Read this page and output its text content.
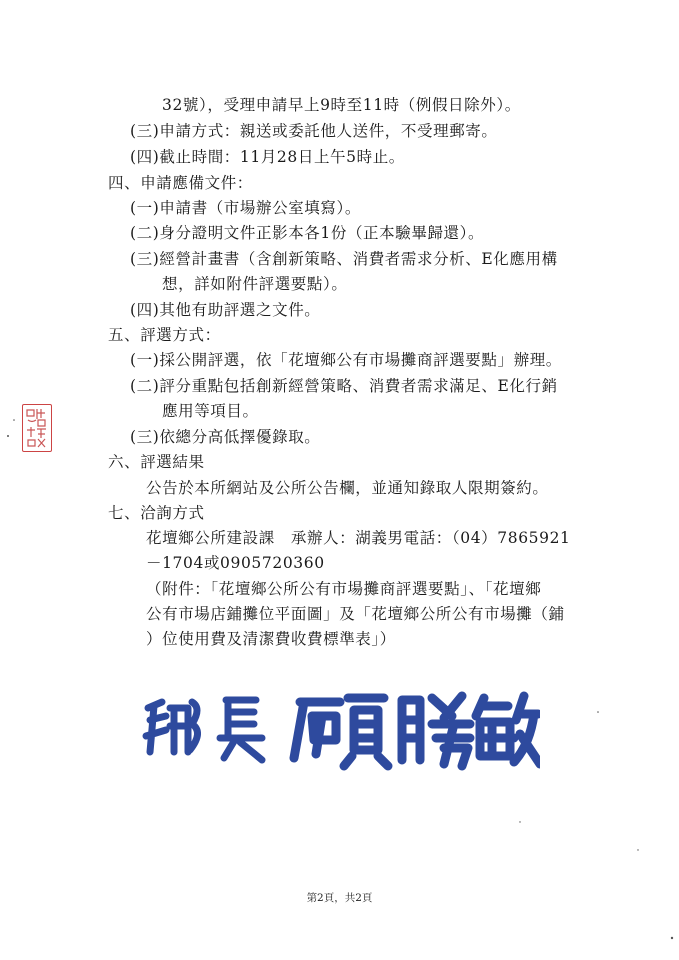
32號），受理申請早上9時至11時（例假日除外）。
(三)申請方式：親送或委託他人送件，不受理郵寄。
(四)截止時間：11月28日上午5時止。
四、申請應備文件：
(一)申請書（市場辦公室填寫）。
(二)身分證明文件正影本各1份（正本驗畢歸還）。
(三)經營計畫書（含創新策略、消費者需求分析、E化應用構
想，詳如附件評選要點）。
(四)其他有助評選之文件。
五、評選方式：
(一)採公開評選，依「花壇鄉公有市場攤商評選要點」辦理。
(二)評分重點包括創新經營策略、消費者需求滿足、E化行銷
應用等項目。
(三)依總分高低擇優錄取。
六、評選結果
公告於本所網站及公所公告欄，並通知錄取人限期簽約。
七、洽詢方式
花壇鄉公所建設課　承辦人：湖義男電話：（04）7865921
－1704或0905720360
（附件：「花壇鄉公所公有市場攤商評選要點」、「花壇鄉
公有市場店鋪攤位平面圖」及「花壇鄉公所公有市場攤（鋪
）位使用費及清潔費收費標準表」）
第2頁，共2頁
